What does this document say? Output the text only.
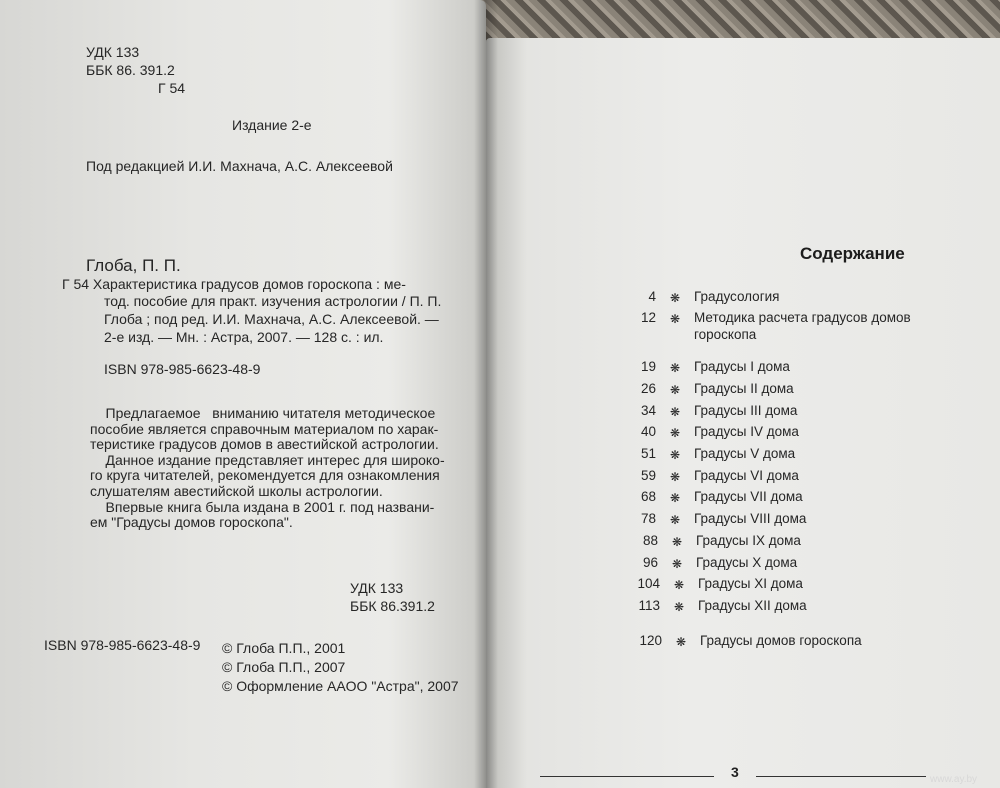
УДК 133
ББК 86. 391.2
Г 54
Издание 2-е
Под редакцией И.И. Махнача, А.С. Алексеевой
Глоба, П. П.
Г 54 Характеристика градусов домов гороскопа : ме-
тод. пособие для практ. изучения астрологии / П. П.
Глоба ; под ред. И.И. Махнача, А.С. Алексеевой. —
2-е изд. — Мн. : Астра, 2007. — 128 с. : ил.
ISBN 978-985-6623-48-9
Предлагаемое   вниманию читателя методическое
пособие является справочным материалом по харак-
теристике градусов домов в авестийской астрологии.
Данное издание представляет интерес для широко-
го круга читателей, рекомендуется для ознакомления
слушателям авестийской школы астрологии.
Впервые книга была издана в 2001 г. под названи-
ем "Градусы домов гороскопа".
УДК 133
ББК 86.391.2
ISBN 978-985-6623-48-9 © Глоба П.П., 2001
© Глоба П.П., 2007
© Оформление АAOO "Астра", 2007
Содержание
4 ❋ Градусология
12 ❋ Методика расчета градусов домов
гороскопа
19 ❋ Градусы I дома
26 ❋ Градусы II дома
34 ❋ Градусы III дома
40 ❋ Градусы IV дома
51 ❋ Градусы V дома
59 ❋ Градусы VI дома
68 ❋ Градусы VII дома
78 ❋ Градусы VIII дома
88 ❋ Градусы IX дома
96 ❋ Градусы X дома
104 ❋ Градусы XI дома
113 ❋ Градусы XII дома
120 ❋ Градусы домов гороскопа
3	www.ay.by
